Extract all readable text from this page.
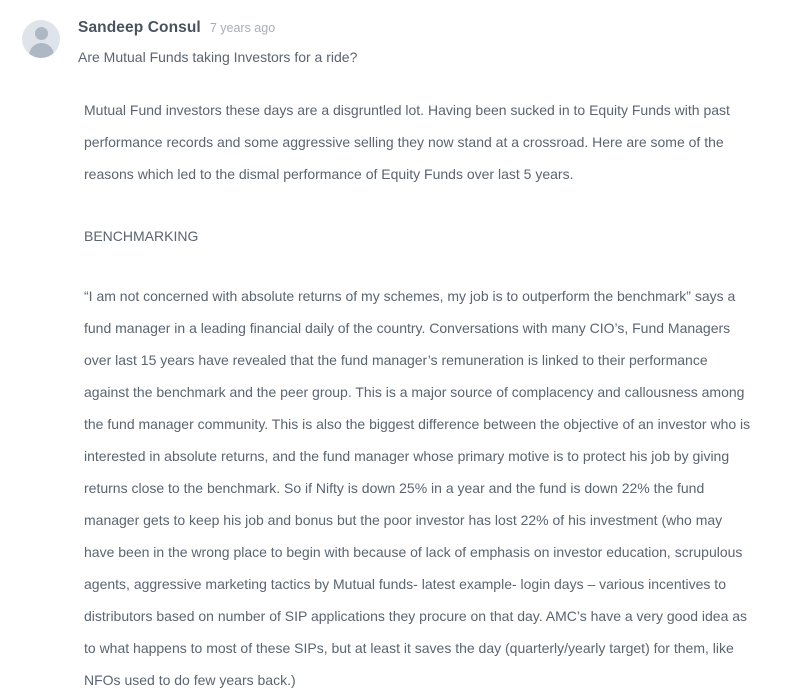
Sandeep Consul 7 years ago
Are Mutual Funds taking Investors for a ride?

Mutual Fund investors these days are a disgruntled lot. Having been sucked in to Equity Funds with past performance records and some aggressive selling they now stand at a crossroad. Here are some of the reasons which led to the dismal performance of Equity Funds over last 5 years.

BENCHMARKING

“I am not concerned with absolute returns of my schemes, my job is to outperform the benchmark” says a fund manager in a leading financial daily of the country. Conversations with many CIO’s, Fund Managers over last 15 years have revealed that the fund manager’s remuneration is linked to their performance against the benchmark and the peer group. This is a major source of complacency and callousness among the fund manager community. This is also the biggest difference between the objective of an investor who is interested in absolute returns, and the fund manager whose primary motive is to protect his job by giving returns close to the benchmark. So if Nifty is down 25% in a year and the fund is down 22% the fund manager gets to keep his job and bonus but the poor investor has lost 22% of his investment (who may have been in the wrong place to begin with because of lack of emphasis on investor education, scrupulous agents, aggressive marketing tactics by Mutual funds- latest example- login days – various incentives to distributors based on number of SIP applications they procure on that day. AMC’s have a very good idea as to what happens to most of these SIPs, but at least it saves the day (quarterly/yearly target) for them, like NFOs used to do few years back.)
